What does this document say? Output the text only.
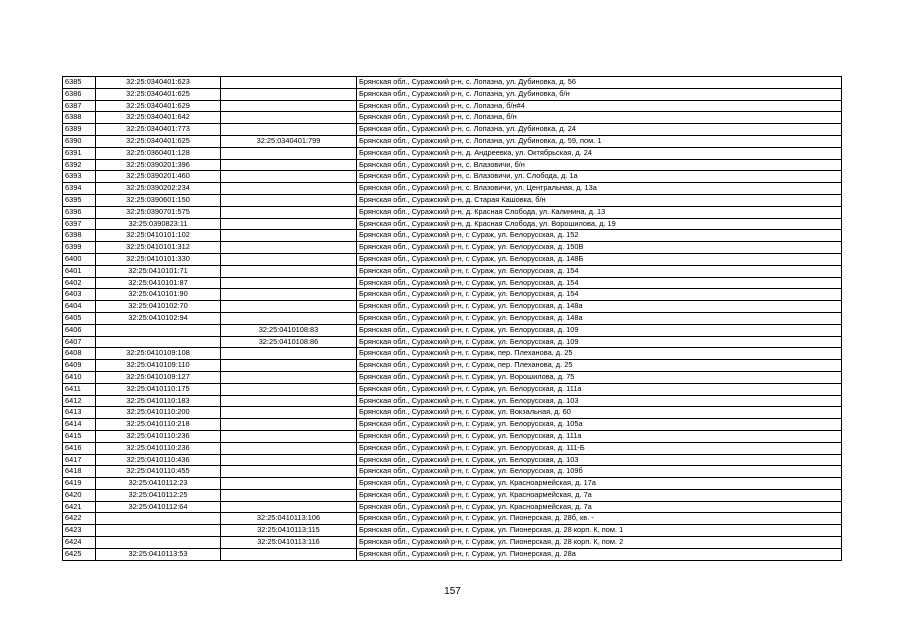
6385	32:25:0340401:623		Брянская обл., Суражский р-н, с. Лопазна, ул. Дубиновка, д. 56
6386	32:25:0340401:625		Брянская обл., Суражский р-н, с. Лопазна, ул. Дубиновка, б/н
6387	32:25:0340401:629		Брянская обл., Суражский р-н, с. Лопазна, б/н#4
6388	32:25:0340401:642		Брянская обл., Суражский р-н, с. Лопазна, б/н
6389	32:25:0340401:773		Брянская обл., Суражский р-н, с. Лопазна, ул. Дубиновка, д. 24
6390	32:25:0340401:625	32:25:0340401:799	Брянская обл., Суражский р-н, с. Лопазна, ул. Дубиновка, д. 59, пом. 1
6391	32:25:0360401:128		Брянская обл., Суражский р-н, д. Андреевка, ул. Октябрьская, д. 24
6392	32:25:0390201:396		Брянская обл., Суражский р-н, с. Влазовичи, б/н
6393	32:25:0390201:460		Брянская обл., Суражский р-н, с. Влазовичи, ул. Слобода, д. 1а
6394	32:25:0390202:234		Брянская обл., Суражский р-н, с. Влазовичи, ул. Центральная, д. 13а
6395	32:25:0390601:150		Брянская обл., Суражский р-н, д. Старая Кашовка, б/н
6396	32:25:0390701:575		Брянская обл., Суражский р-н, д. Красная Слобода, ул. Калинина, д. 13
6397	32:25:0390823:11		Брянская обл., Суражский р-н, д. Красная Слобода, ул. Ворошилова, д. 19
6398	32:25:0410101:102		Брянская обл., Суражский р-н, г. Сураж, ул. Белорусская, д. 152
6399	32:25:0410101:312		Брянская обл., Суражский р-н, г. Сураж, ул. Белорусская, д. 150В
6400	32:25:0410101:330		Брянская обл., Суражский р-н, г. Сураж, ул. Белорусская, д. 148Б
6401	32:25:0410101:71		Брянская обл., Суражский р-н, г. Сураж, ул. Белорусская, д. 154
6402	32:25:0410101:87		Брянская обл., Суражский р-н, г. Сураж, ул. Белорусская, д. 154
6403	32:25:0410101:90		Брянская обл., Суражский р-н, г. Сураж, ул. Белорусская, д. 154
6404	32:25:0410102:70		Брянская обл., Суражский р-н, г. Сураж, ул. Белорусская, д. 148а
6405	32:25:0410102:94		Брянская обл., Суражский р-н, г. Сураж, ул. Белорусская, д. 148а
6406		32:25:0410108:83	Брянская обл., Суражский р-н, г. Сураж, ул. Белорусская, д. 109
6407		32:25:0410108:86	Брянская обл., Суражский р-н, г. Сураж, ул. Белорусская, д. 109
6408	32:25:0410109:108		Брянская обл., Суражский р-н, г. Сураж, пер. Плеханова, д. 25
6409	32:25:0410109:110		Брянская обл., Суражский р-н, г. Сураж, пер. Плеханова, д. 25
6410	32:25:0410109:127		Брянская обл., Суражский р-н, г. Сураж, ул. Ворошилова, д. 75
6411	32:25:0410110:175		Брянская обл., Суражский р-н, г. Сураж, ул. Белорусская, д. 111а
6412	32:25:0410110:183		Брянская обл., Суражский р-н, г. Сураж, ул. Белорусская, д. 103
6413	32:25:0410110:200		Брянская обл., Суражский р-н, г. Сураж, ул. Вокзальная, д. 60
6414	32:25:0410110:218		Брянская обл., Суражский р-н, г. Сураж, ул. Белорусская, д. 105а
6415	32:25:0410110:236		Брянская обл., Суражский р-н, г. Сураж, ул. Белорусская, д. 111а
6416	32:25:0410110:236		Брянская обл., Суражский р-н, г. Сураж, ул. Белорусская, д. 111-Б
6417	32:25:0410110:436		Брянская обл., Суражский р-н, г. Сураж, ул. Белорусская, д. 103
6418	32:25:0410110:455		Брянская обл., Суражский р-н, г. Сураж, ул. Белорусская, д. 109б
6419	32:25:0410112:23		Брянская обл., Суражский р-н, г. Сураж, ул. Красноармейская, д. 17а
6420	32:25:0410112:25		Брянская обл., Суражский р-н, г. Сураж, ул. Красноармейская, д. 7а
6421	32:25:0410112:64		Брянская обл., Суражский р-н, г. Сураж, ул. Красноармейская, д. 7а
6422		32:25:0410113:106	Брянская обл., Суражский р-н, г. Сураж, ул. Пионерская, д. 28б, кв. -
6423		32:25:0410113:115	Брянская обл., Суражский р-н, г. Сураж, ул. Пионерская, д. 28 корп. К, пом. 1
6424		32:25:0410113:116	Брянская обл., Суражский р-н, г. Сураж, ул. Пионерская, д. 28 корп. К, пом. 2
6425	32:25:0410113:53		Брянская обл., Суражский р-н, г. Сураж, ул. Пионерская, д. 28а
157
